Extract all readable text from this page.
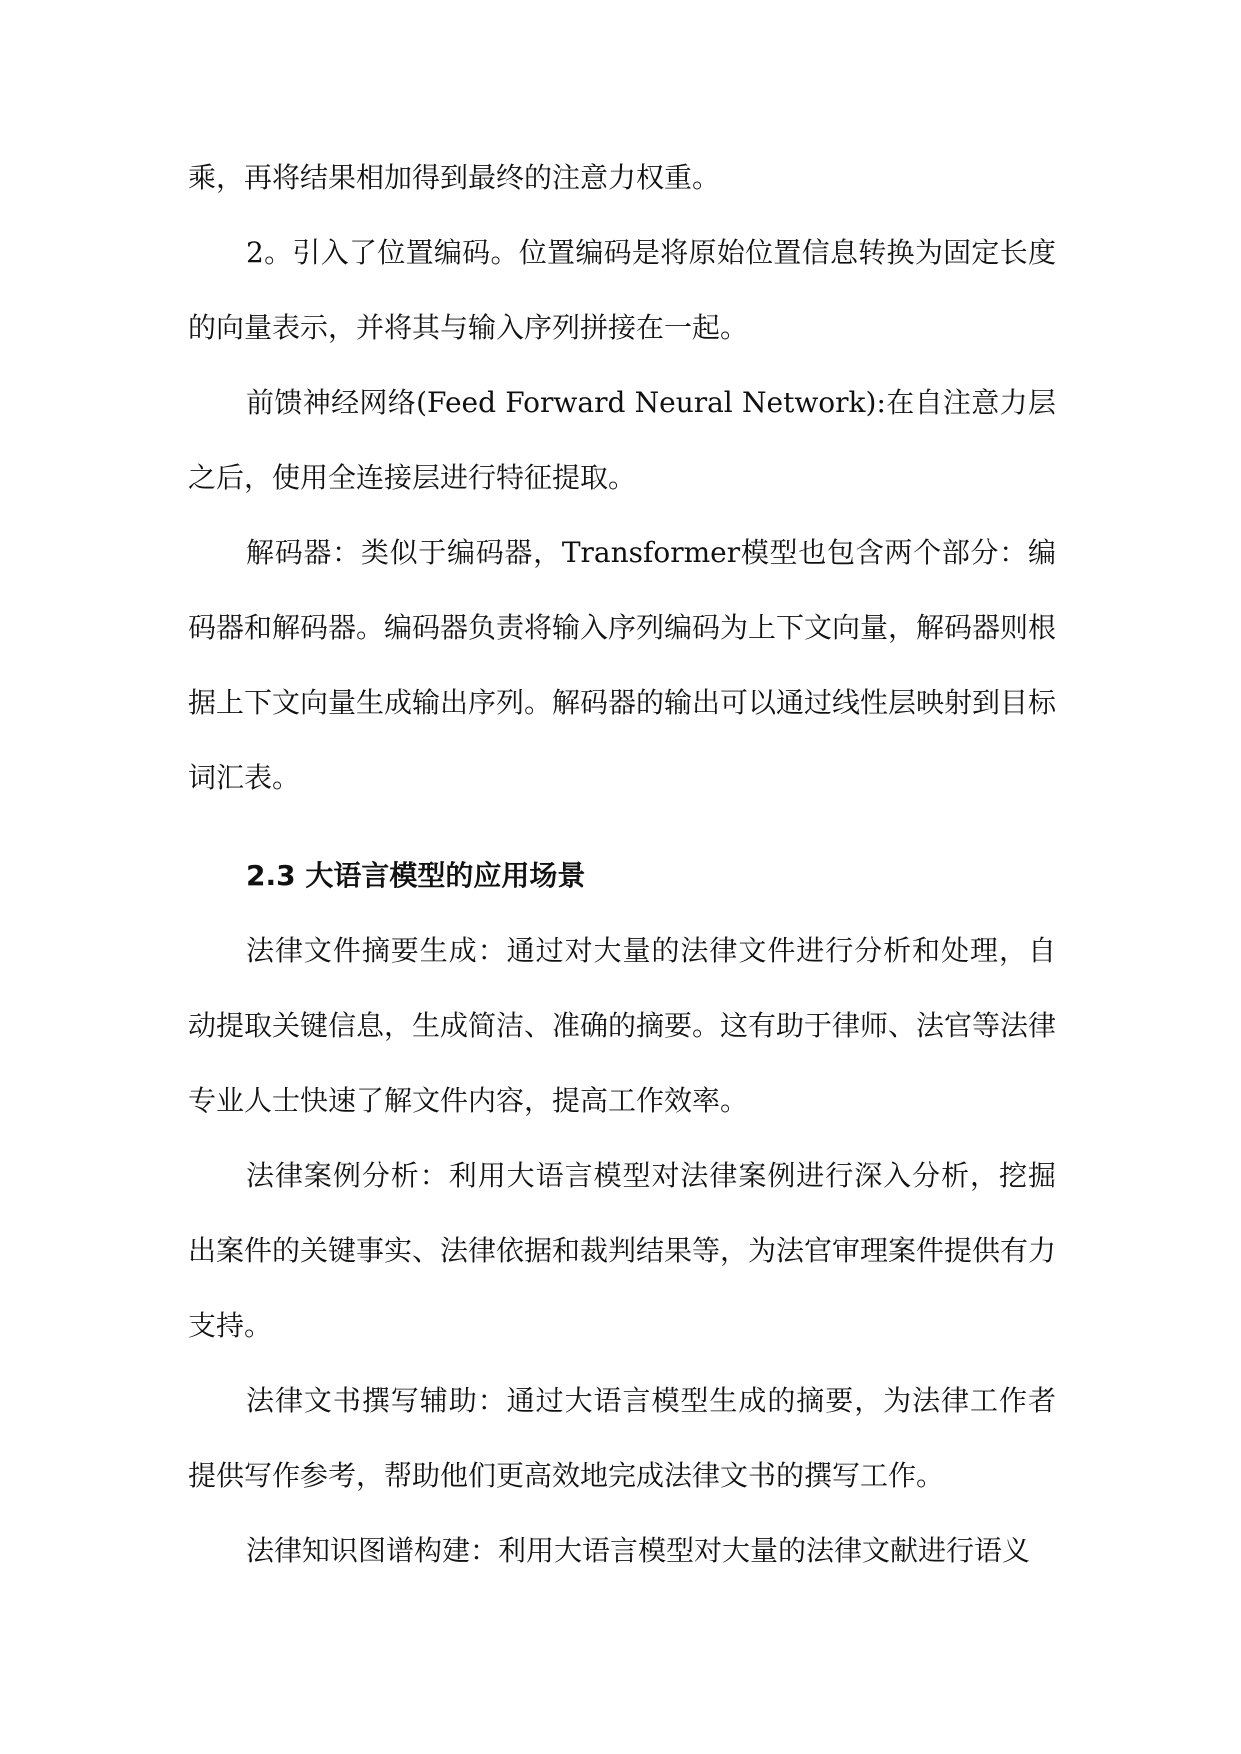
乘，再将结果相加得到最终的注意力权重。

2。引入了位置编码。位置编码是将原始位置信息转换为固定长度的向量表示，并将其与输入序列拼接在一起。

前馈神经网络(Feed Forward Neural Network):在自注意力层之后，使用全连接层进行特征提取。

解码器：类似于编码器，Transformer模型也包含两个部分：编码器和解码器。编码器负责将输入序列编码为上下文向量，解码器则根据上下文向量生成输出序列。解码器的输出可以通过线性层映射到目标词汇表。

2.3 大语言模型的应用场景

法律文件摘要生成：通过对大量的法律文件进行分析和处理，自动提取关键信息，生成简洁、准确的摘要。这有助于律师、法官等法律专业人士快速了解文件内容，提高工作效率。

法律案例分析：利用大语言模型对法律案例进行深入分析，挖掘出案件的关键事实、法律依据和裁判结果等，为法官审理案件提供有力支持。

法律文书撰写辅助：通过大语言模型生成的摘要，为法律工作者提供写作参考，帮助他们更高效地完成法律文书的撰写工作。

法律知识图谱构建：利用大语言模型对大量的法律文献进行语义
